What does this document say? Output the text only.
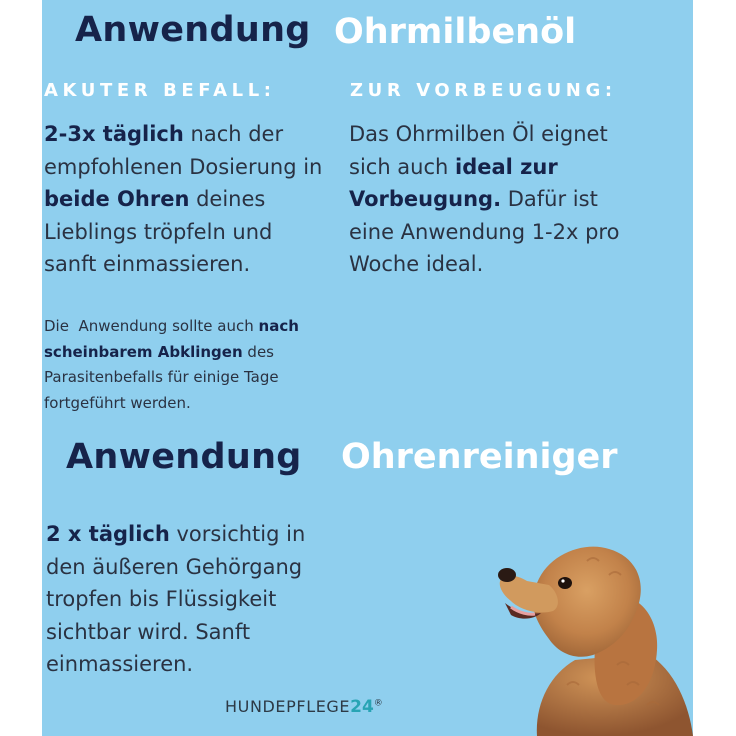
Anwendung Ohrmilbenöl
AKUTER BEFALL:	ZUR VORBEUGUNG:

2-3x täglich nach der empfohlenen Dosierung in beide Ohren deines Lieblings tröpfeln und sanft einmassieren.

Das Ohrmilben Öl eignet sich auch ideal zur Vorbeugung. Dafür ist eine Anwendung 1-2x pro Woche ideal.

Die  Anwendung sollte auch nach scheinbarem Abklingen des Parasitenbefalls für einige Tage fortgeführt werden.

Anwendung Ohrenreiniger

2 x täglich vorsichtig in den äußeren Gehörgang tropfen bis Flüssigkeit sichtbar wird. Sanft einmassieren.

HUNDEPFLEGE24®
